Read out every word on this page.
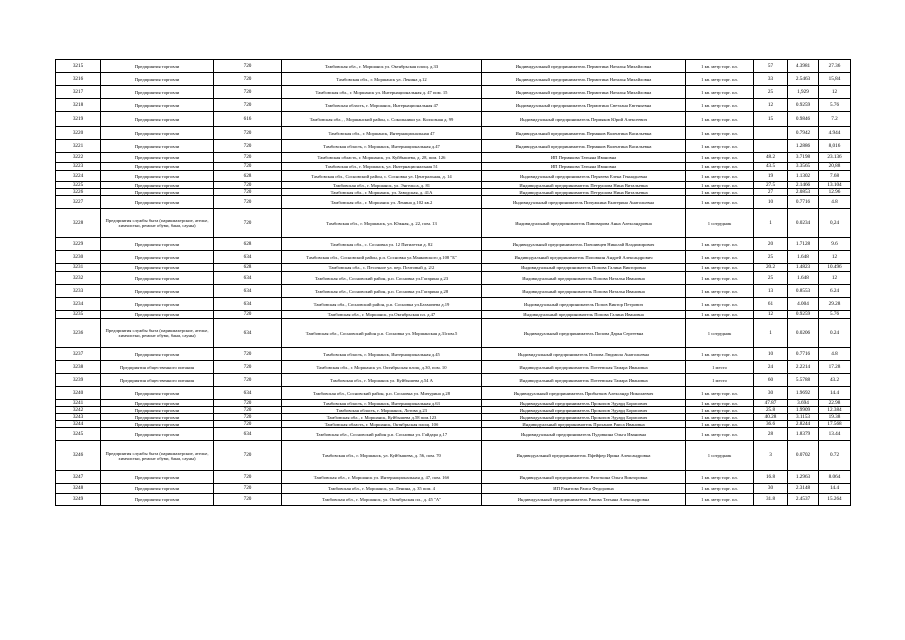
3215	Предприятия торговли	720	Тамбовская обл., г. Моршанск ул. Октябрьская площ. д.33	Индивидуальный предприниматель Пермитина Наталья Михайловна	1 кв. метр торг. пл.	57	4.3981	27.36
3216	Предприятия торговли	720	Тамбовская обл., г. Моршанск ул. Ленина д.12	Индивидуальный предприниматель Пермитина Наталья Михайловна	1 кв. метр торг. пл.	33	2.5463	15,84
3217	Предприятия торговли	720	Тамбовская обл., г. Моршанск ул. Интернациональная д. 47 пом. 15	Индивидуальный предприниматель Пермитина Наталья Михайловна	1 кв. метр торг. пл.	25	1,929	12
3218	Предприятия торговли	720	Тамбовская область, г. Моршанск, Интернациональная 47	Индивидуальный предприниматель Пермитина Светлана Евгеньевна	1 кв. метр торг. пл.	12	0.9259	5.76
3219	Предприятия торговли	616	Тамбовская обл., , Моршанский район, с. Сокольники ул. Колхозная д. 99	Индивидуальный предприниматель Пермяков Юрий Алексеевич	1 кв. метр торг. пл.	15	0.9846	7.2
3220	Предприятия торговли	720	Тамбовская обл., г. Моршанск, Интернациональная 47	Индивидуальный предприниматель Пермяков Валентина Васильевна	1 кв. метр торг. пл.		0.7942	4.944
3221	Предприятия торговли	720	Тамбовская область, г. Моршанск, Интернациональная д.47	Индивидуальный предприниматель Пермяков Валентина Васильевна	1 кв. метр торг. пл.		1.2886	8,016
3222	Предприятия торговли	720	Тамбовская область, г. Моршанск, ул. Куйбышева, д. 28, пом. 126	ИП Пермякова Татьяна Ивановна	1 кв. метр торг. пл.	48.2	3.7198	23.136
3223	Предприятия торговли	720	Тамбовская обл., г. Моршанск, ул. Интернациональная 51	ИП Пермякова Татьяна Ивановна	1 кв. метр торг. пл.	43.5	3.3565	20,88
3224	Предприятия торговли	628	Тамбовская обл., Сосновский район, с. Сосновка ул. Центральная, д. 14	Индивидуальный предприниматель Перязева Елена Геннадьевна	1 кв. метр торг. пл.	19	1.1302	7.68
3225	Предприятия торговли	720	Тамбовская обл., г. Моршанск, ул. Энгельса, д. 81	Индивидуальный предприниматель Петрушова Нина Витальевна	1 кв. метр торг. пл.	27.5	2.1466	13.104
3226	Предприятия торговли	720	Тамбовская обл., г. Моршанск, ул. Заводская, д. 41А	Индивидуальный предприниматель Петрушова Нина Витальевна	1 кв. метр торг. пл.	27	2.0853	12.96
3227	Предприятия торговли	720	Тамбовская обл., г. Моршанск ул. Ленина д.102 кв.2	Индивидуальный предприниматель Пичужкина Екатерина Анатольевна	1 кв. метр торг. пл.	10	0.7716	4.8
3228	Предприятия службы быта (парикмахерские, ателье, химчистки, ремонт обуви, бани, сауны)	720	Тамбовская обл., г. Моршанск, ул. Южная, д. 22, пом. 13	Индивидуальный предприниматель Пивоварова Анна Александровна	1 сотрудник	1	0.0234	0,24
3229	Предприятия торговли	628	Тамбовская обл., с. Сосновка ул. 12 Пятилетки д. 82	Индивидуальный предприниматель Плешивцев Николай Владимирович	1 кв. метр торг. пл.	20	1.7128	9.6
3230	Предприятия торговли	634	Тамбовская обл., Сосновский район, р.п. Сосновка ул.Маяковского д.108 "Б"	Индивидуальный предприниматель Поповкин Андрей Александрович	1 кв. метр торг. пл.	25	1.648	12
3231	Предприятия торговли	628	Тамбовская обл., с. Песочное ул. пер. Почтовый д. 2/2	Индивидуальный предприниматель Попова Галина Викторовна	1 кв. метр торг. пл.	20.2	1.4823	10.496
3232	Предприятия торговли	634	Тамбовская обл., Сосновский район, р.п. Сосновка ул.Гагарина д.23	Индивидуальный предприниматель Попова Наталья Ивановна	1 кв. метр торг. пл.	25	1.648	12
3233	Предприятия торговли	634	Тамбовская обл., Сосновский район, р.п. Сосновка ул.Гагарина д.28	Индивидуальный предприниматель Попова Наталья Ивановна	1 кв. метр торг. пл.	13	0.8553	6.24
3234	Предприятия торговли	634	Тамбовская обл., Сосновский район, р.п. Сосновка ул.Бахмачева д.19	Индивидуальный предприниматель Попов Виктор Петрович	1 кв. метр торг. пл.	61	4.004	29.28
3235	Предприятия торговли	720	Тамбовская обл., г. Моршанск, ул.Октябрьская пл. д.47	Индивидуальный предприниматель Попова Галина Ивановна	1 кв. метр торг. пл.	12	0.9259	5.76
3236	Предприятия службы быта (парикмахерские, ателье, химчистки, ремонт обуви, бани, сауны)	634	Тамбовская обл., Сосновский район р.п. Сосновка ул. Моршанская д.31пом.5	Индивидуальный предприниматель Попова Дарья Сергеевна	1 сотрудник	1	0.0206	0.24
3237	Предприятия торговли	720	Тамбовская область, г. Моршанск, Интернациональная д.45	Индивидуальный предприниматель Попова Людмила Анатольевна	1 кв. метр торг. пл.	10	0.7716	4.8
3238	Предприятия общественного питания	720	Тамбовская обл., г. Моршанск ул. Октябрьская площ. д.30, пом. 10	Индивидуальный предприниматель Потеевская Тамара Ивановна	1 место	24	2.2214	17.28
3239	Предприятия общественного питания	720	Тамбовская обл., г. Моршанск ул. Куйбышева д.54 А	Индивидуальный предприниматель Потеевская Тамара Ивановна	1 место	60	5.5788	43.2
3240	Предприятия торговли	634	Тамбовская обл., Сосновский район, р.п. Сосновка ул. Мичурина д.28	Индивидуальный предприниматель Прибытков Александр Николаевич	1 кв. метр торг. пл.	30	1.9692	14.4
3241	Предприятия торговли	720	Тамбовская область, г. Моршанск, Интернациональная д.63	Индивидуальный предприниматель Прокопов Эдуард Борисович	1 кв. метр торг. пл.	47.87	3.694	22.98
3242	Предприятия торговли	720	Тамбовская область, г. Моршанск, Лотова д.23	Индивидуальный предприниматель Прокопов Эдуард Борисович	1 кв. метр торг. пл.	25.8	1.9909	12.384
3243	Предприятия торговли	720	Тамбовская обл., г. Моршанск, Куйбышева д.58 пом.123	Индивидуальный предприниматель Прокопов Эдуард Борисович	1 кв. метр торг. пл.	40.28	3.1153	19.38
3244	Предприятия торговли	720	Тамбовская область, г. Моршанск, Октябрьская площ. 10б	Индивидуальный предприниматель Проханов Раиса Ивановна	1 кв. метр торг. пл.	36.6	2.8244	17.568
3245	Предприятия торговли	634	Тамбовская обл., Сосновский район р.п. Сосновка ул. Гайдара д.17	Индивидуальный предприниматель Пудовкина Ольга Ивановна	1 кв. метр торг. пл.	28	1.8379	13.44
3246	Предприятия службы быта (парикмахерские, ателье, химчистки, ремонт обуви, бани, сауны)	720	Тамбовская обл., г. Моршанск, ул. Куйбышева, д. 56, пом. 70	Индивидуальный предприниматель Пфейфер Ирина Александровна	1 сотрудник	3	0.0702	0.72
3247	Предприятия торговли	720	Тамбовская обл., г. Моршанск ул. Интернациональная д. 47, пом. 16б	Индивидуальный предприниматель Разоткина Ольга Викторовна	1 кв. метр торг. пл.	16.8	1.2963	8.064
3248	Предприятия торговли	720	Тамбовская обл., г. Моршанск, ул. Ленина, д. 35 пом. 4	ИП Ракитова Раиса Федоровна	1 кв. метр торг. пл.	30	2.3148	14.4
3249	Предприятия торговли	720	Тамбовская обл., г. Моршанск, ул. Октябрьская пл., д. 45 "А"	Индивидуальный предприниматель Ракова Татьяна Александровна	1 кв. метр торг. пл.	31.8	2.4537	15.264
